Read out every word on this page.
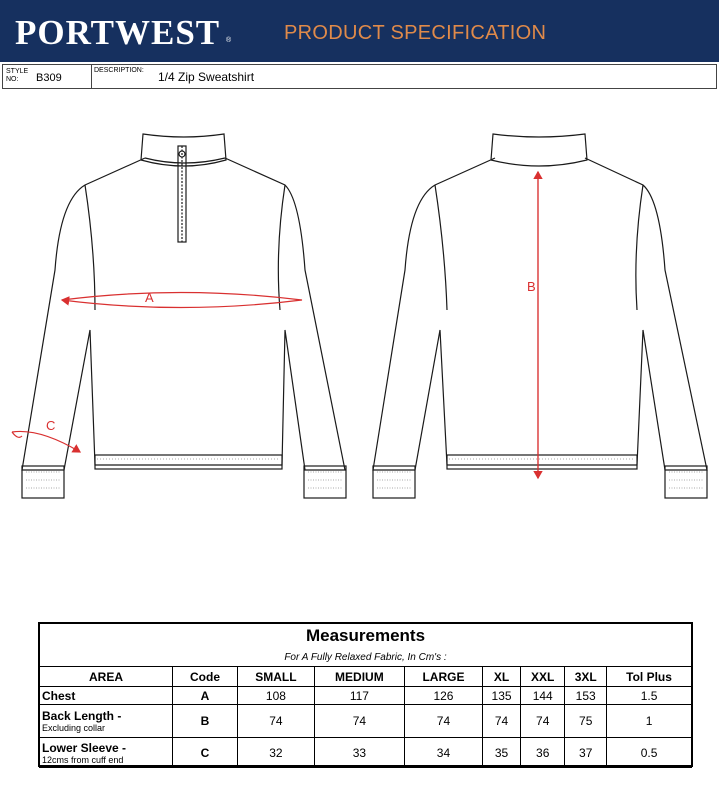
PORTWEST ®	PRODUCT SPECIFICATION
STYLE NO:	B309
DESCRIPTION: 1/4 Zip Sweatshirt
A
C
B
Measurements
For A Fully Relaxed Fabric, In Cm's :
AREA	Code	SMALL	MEDIUM	LARGE	XL	XXL	3XL	Tol Plus
Chest	A	108	117	126	135	144	153	1.5
Back Length -
Excluding collar	B	74	74	74	74	74	75	1
Lower Sleeve -
12cms from cuff end	C	32	33	34	35	36	37	0.5
